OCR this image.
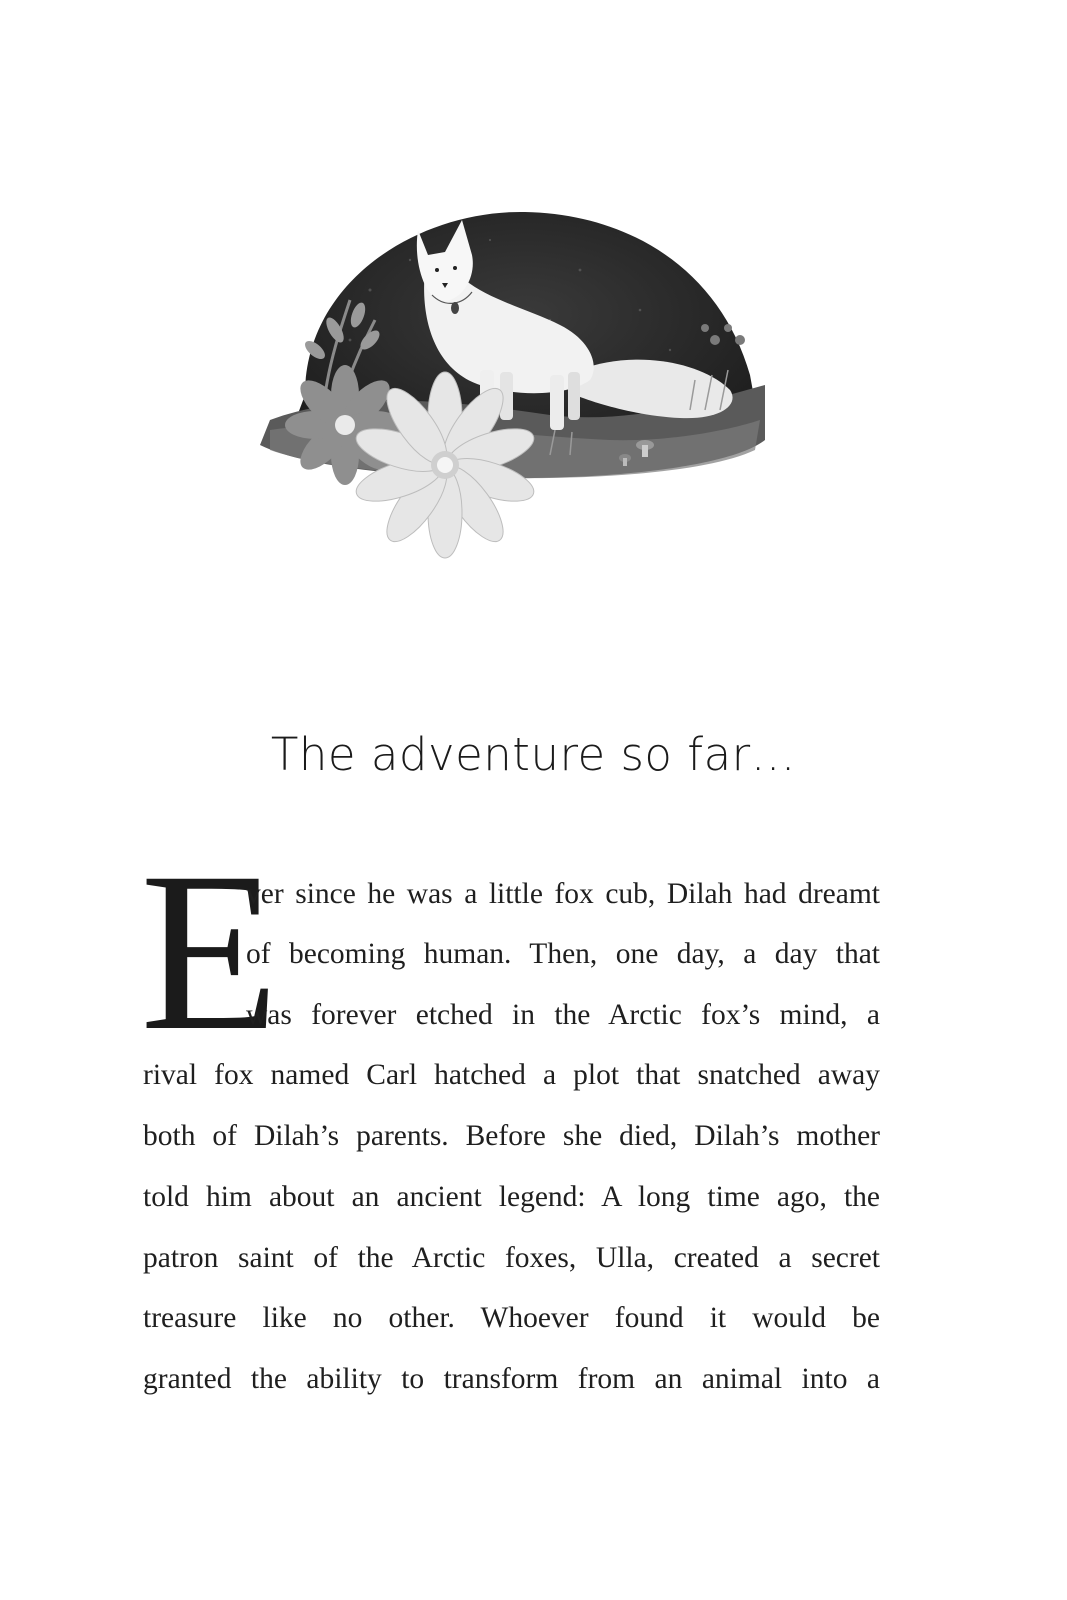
The adventure so far…
E
ver since he was a little fox cub, Dilah had dreamt
of becoming human. Then, one day, a day that
was forever etched in the Arctic fox’s mind, a
rival fox named Carl hatched a plot that snatched away
both of Dilah’s parents. Before she died, Dilah’s mother
told him about an ancient legend: A long time ago, the
patron saint of the Arctic foxes, Ulla, created a secret
treasure like no other. Whoever found it would be
granted the ability to transform from an animal into a
